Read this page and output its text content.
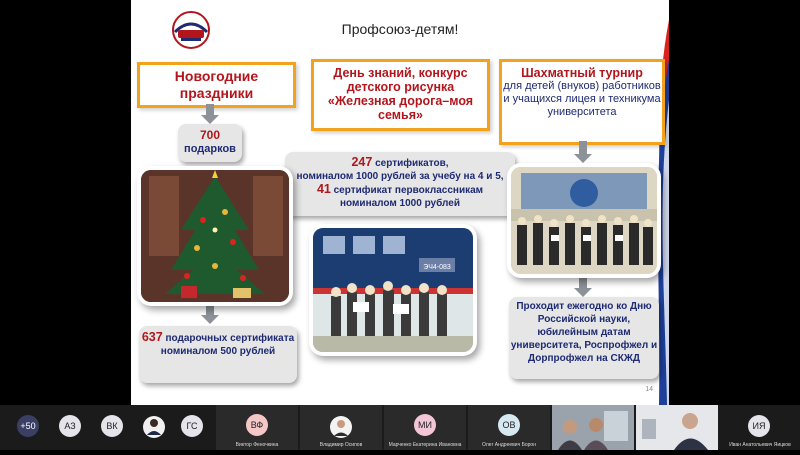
Профсоюз-детям!
Новогодние праздники
День знаний, конкурс детского рисунка «Железная дорога–моя семья»
Шахматный турнир
для детей (внуков) работников и учащихся лицея и техникума университета
700
подарков
247 сертификатов,
номиналом 1000 рублей за учебу на 4 и 5,
41 сертификат первоклассникам
номиналом 1000 рублей
637 подарочных сертификата номиналом 500 рублей
Проходит ежегодно ко Дню Российской науки, юбилейным датам университета, Роспрофжел и Дорпрофжел на СКЖД
ЭЧ4-083
14
+50	АЗ	ВК	ГС	ВФ
Виктор Феночкина	Владимир Осипов
МИ
Марченко Екатерина Ивановна
ОВ
Олег Андреевич Борон
ИЯ
Иван Анатольевич Яицков
